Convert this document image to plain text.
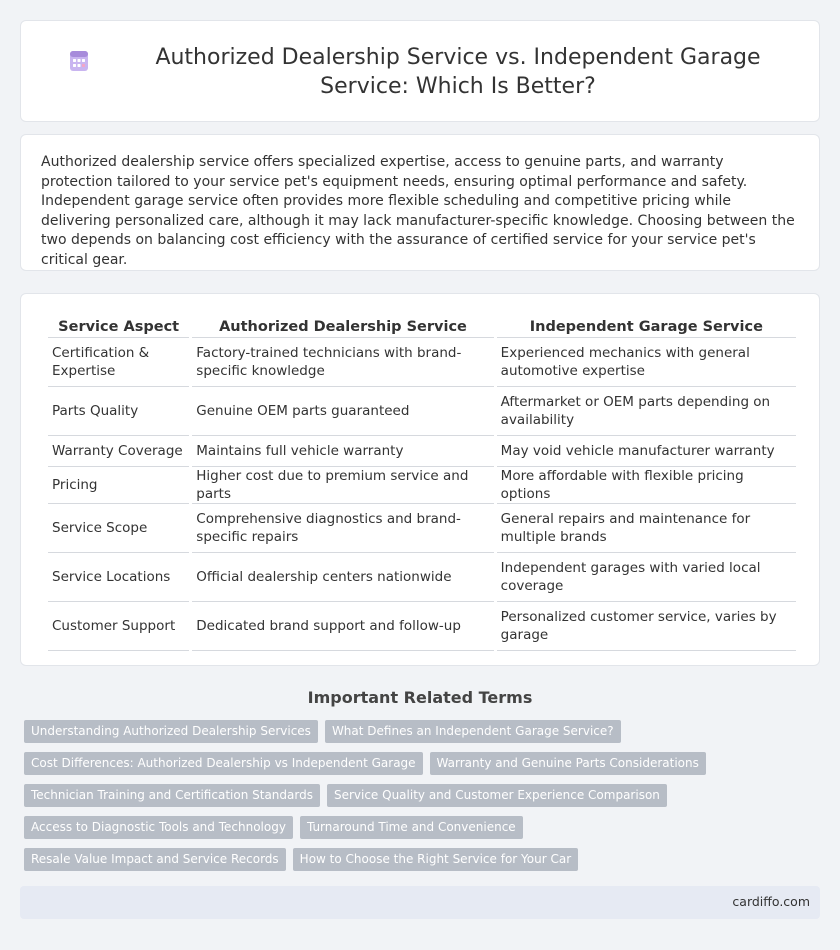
Authorized Dealership Service vs. Independent Garage Service: Which Is Better?

Authorized dealership service offers specialized expertise, access to genuine parts, and warranty protection tailored to your service pet's equipment needs, ensuring optimal performance and safety. Independent garage service often provides more flexible scheduling and competitive pricing while delivering personalized care, although it may lack manufacturer-specific knowledge. Choosing between the two depends on balancing cost efficiency with the assurance of certified service for your service pet's critical gear.

Service Aspect	Authorized Dealership Service	Independent Garage Service
Certification & Expertise	Factory-trained technicians with brand-specific knowledge	Experienced mechanics with general automotive expertise
Parts Quality	Genuine OEM parts guaranteed	Aftermarket or OEM parts depending on availability
Warranty Coverage	Maintains full vehicle warranty	May void vehicle manufacturer warranty
Pricing	Higher cost due to premium service and parts	More affordable with flexible pricing options
Service Scope	Comprehensive diagnostics and brand-specific repairs	General repairs and maintenance for multiple brands
Service Locations	Official dealership centers nationwide	Independent garages with varied local coverage
Customer Support	Dedicated brand support and follow-up	Personalized customer service, varies by garage
Important Related Terms
Understanding Authorized Dealership Services	What Defines an Independent Garage Service?
Cost Differences: Authorized Dealership vs Independent Garage	Warranty and Genuine Parts Considerations
Technician Training and Certification Standards	Service Quality and Customer Experience Comparison
Access to Diagnostic Tools and Technology	Turnaround Time and Convenience
Resale Value Impact and Service Records	How to Choose the Right Service for Your Car
cardiffo.com
